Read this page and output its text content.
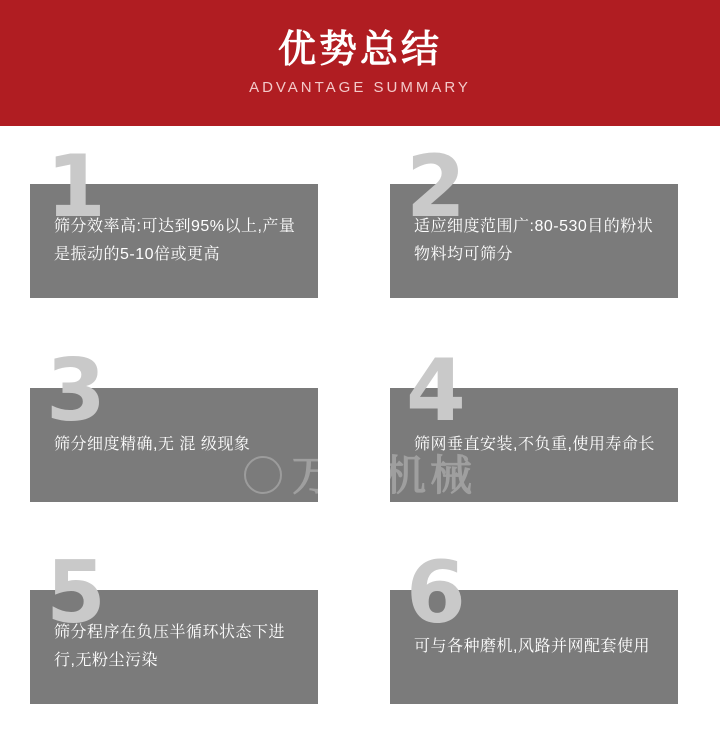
优势总结
ADVANTAGE SUMMARY
1
筛分效率高:可达到95%以上,产量是振动的5-10倍或更高
2
适应细度范围广:80-530目的粉状物料均可筛分
3
筛分细度精确,无 混 级现象
4
筛网垂直安装,不负重,使用寿命长
5
筛分程序在负压半循环状态下进行,无粉尘污染
6
可与各种磨机,风路并网配套使用
万沃机械
HENAN WANWO MACHINERY CO.,LTD.
